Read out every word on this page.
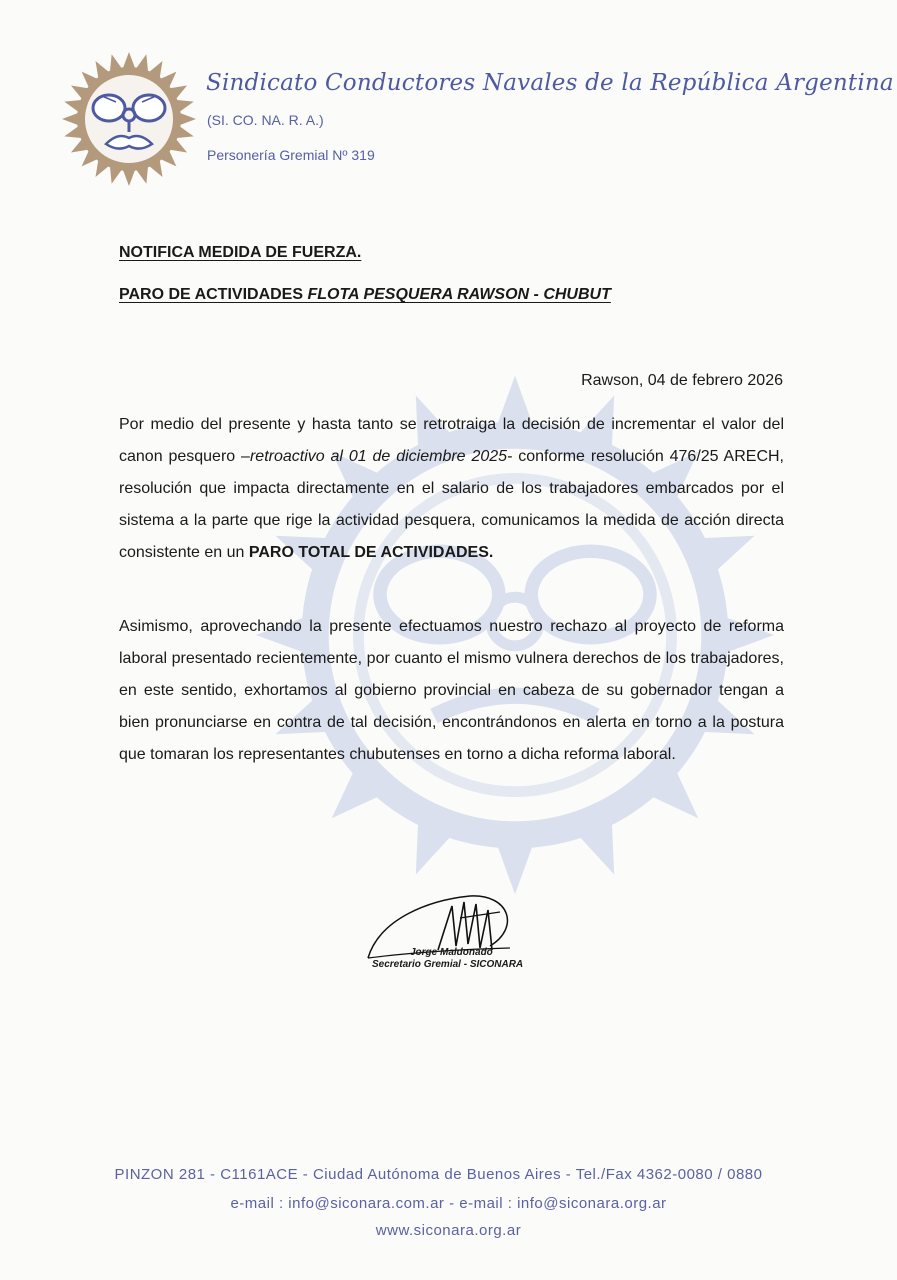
Sindicato Conductores Navales de la República Argentina
(SI. CO. NA. R. A.)
Personería Gremial Nº 319
NOTIFICA MEDIDA DE FUERZA.
PARO DE ACTIVIDADES FLOTA PESQUERA RAWSON - CHUBUT
Rawson, 04 de febrero 2026

Por medio del presente y hasta tanto se retrotraiga la decisión de incrementar el valor del canon pesquero –retroactivo al 01 de diciembre 2025- conforme resolución 476/25 ARECH, resolución que impacta directamente en el salario de los trabajadores embarcados por el sistema a la parte que rige la actividad pesquera, comunicamos la medida de acción directa consistente en un PARO TOTAL DE ACTIVIDADES.

Asimismo, aprovechando la presente efectuamos nuestro rechazo al proyecto de reforma laboral presentado recientemente, por cuanto el mismo vulnera derechos de los trabajadores, en este sentido, exhortamos al gobierno provincial en cabeza de su gobernador tengan a bien pronunciarse en contra de tal decisión, encontrándonos en alerta en torno a la postura que tomaran los representantes chubutenses en torno a dicha reforma laboral.

Jorge Maldonado
Secretario Gremial - SICONARA
PINZON 281 - C1161ACE - Ciudad Autónoma de Buenos Aires - Tel./Fax 4362-0080 / 0880
e-mail : info@siconara.com.ar - e-mail : info@siconara.org.ar
www.siconara.org.ar
